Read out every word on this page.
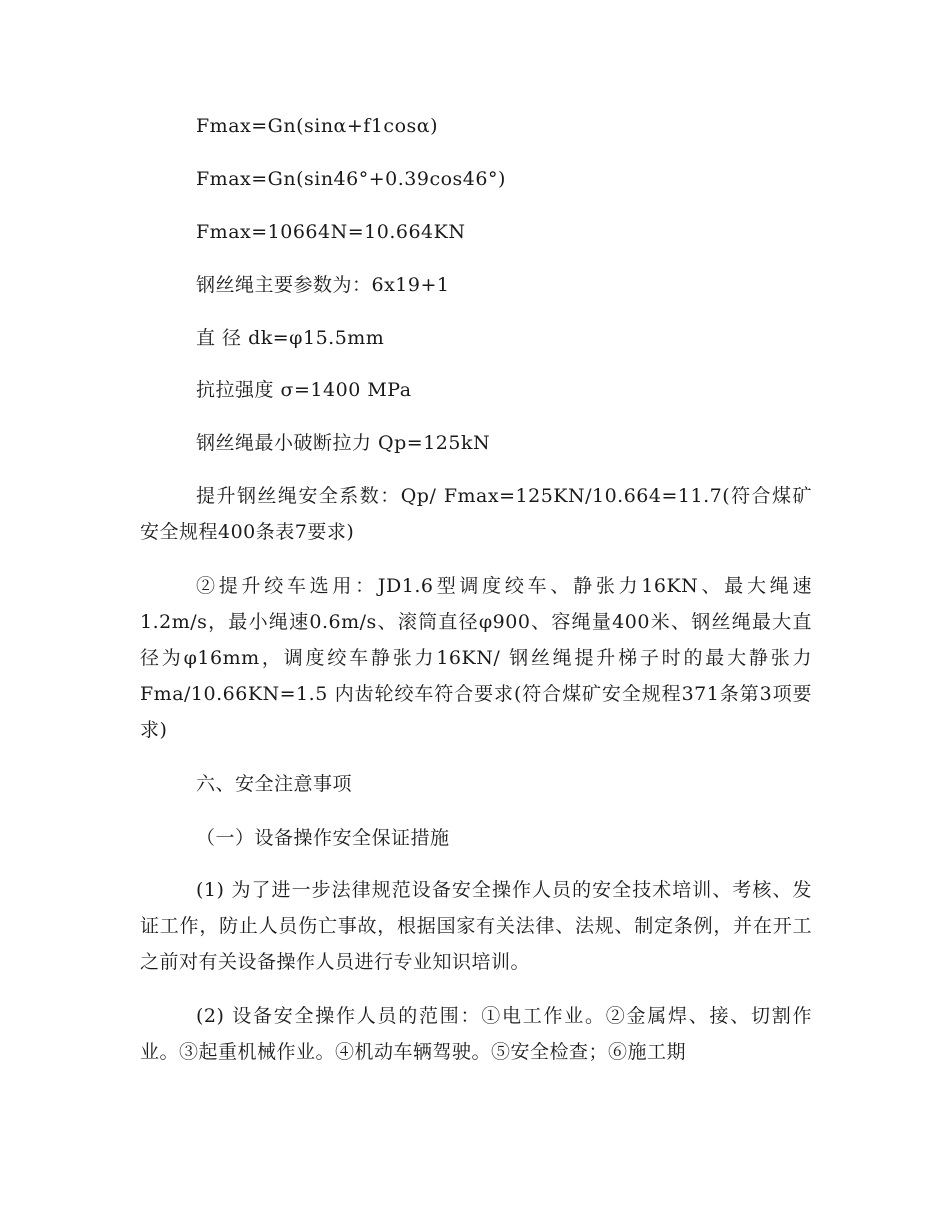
Fmax=Gn(sinα+f1cosα)
Fmax=Gn(sin46°+0.39cos46°)
Fmax=10664N=10.664KN
钢丝绳主要参数为：6x19+1
直 径 dk=φ15.5mm
抗拉强度 σ=1400 MPa
钢丝绳最小破断拉力 Qp=125kN
提升钢丝绳安全系数：Qp/ Fmax=125KN/10.664=11.7(符合煤矿安全规程400条表7要求)
②提升绞车选用：JD1.6型调度绞车、静张力16KN、最大绳速1.2m/s，最小绳速0.6m/s、滚筒直径φ900、容绳量400米、钢丝绳最大直径为φ16mm，调度绞车静张力16KN/ 钢丝绳提升梯子时的最大静张力Fma/10.66KN=1.5 内齿轮绞车符合要求(符合煤矿安全规程371条第3项要求)
六、安全注意事项
（一）设备操作安全保证措施
(1) 为了进一步法律规范设备安全操作人员的安全技术培训、考核、发证工作，防止人员伤亡事故，根据国家有关法律、法规、制定条例，并在开工之前对有关设备操作人员进行专业知识培训。
(2) 设备安全操作人员的范围：①电工作业。②金属焊、接、切割作业。③起重机械作业。④机动车辆驾驶。⑤安全检查；⑥施工期
